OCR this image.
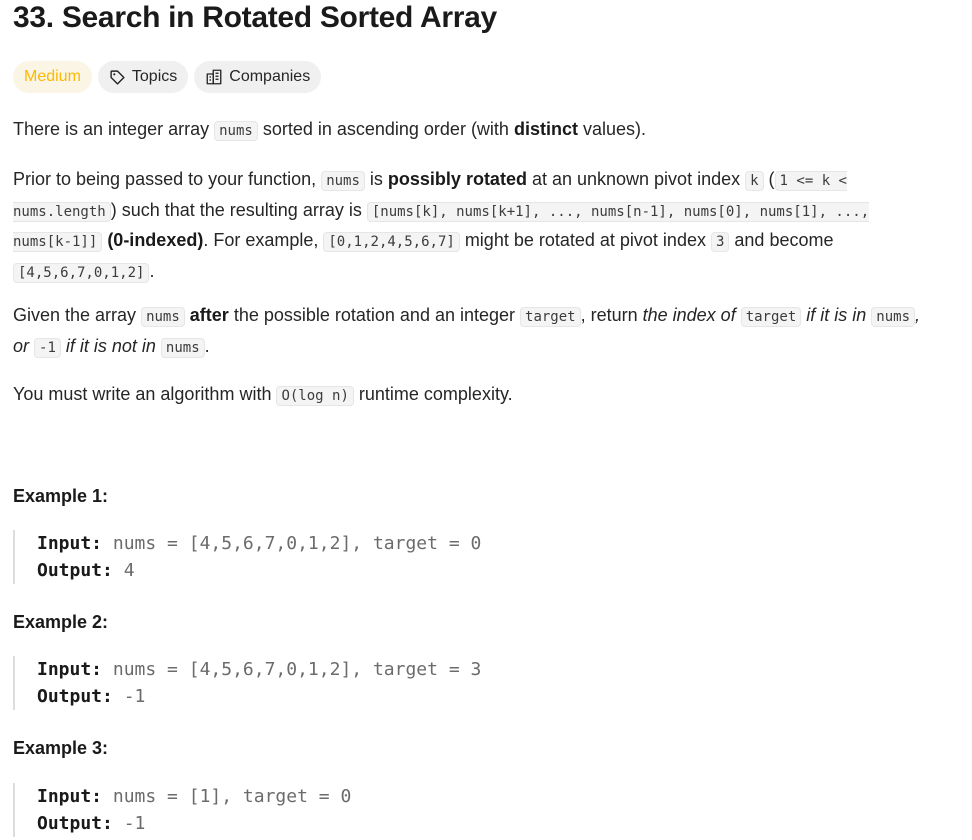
33. Search in Rotated Sorted Array
Medium	Topics	Companies

There is an integer array nums sorted in ascending order (with distinct values).

Prior to being passed to your function, nums is possibly rotated at an unknown pivot index k ( 1 <= k < nums.length ) such that the resulting array is [nums[k], nums[k+1], ..., nums[n-1], nums[0], nums[1], ..., nums[k-1]] (0-indexed). For example, [0,1,2,4,5,6,7] might be rotated at pivot index 3 and become [4,5,6,7,0,1,2] .

Given the array nums after the possible rotation and an integer target , return the index of target if it is in nums , or -1 if it is not in nums .

You must write an algorithm with O(log n) runtime complexity.

Example 1:
Input: nums = [4,5,6,7,0,1,2], target = 0
Output: 4
Example 2:
Input: nums = [4,5,6,7,0,1,2], target = 3
Output: -1
Example 3:
Input: nums = [1], target = 0
Output: -1
